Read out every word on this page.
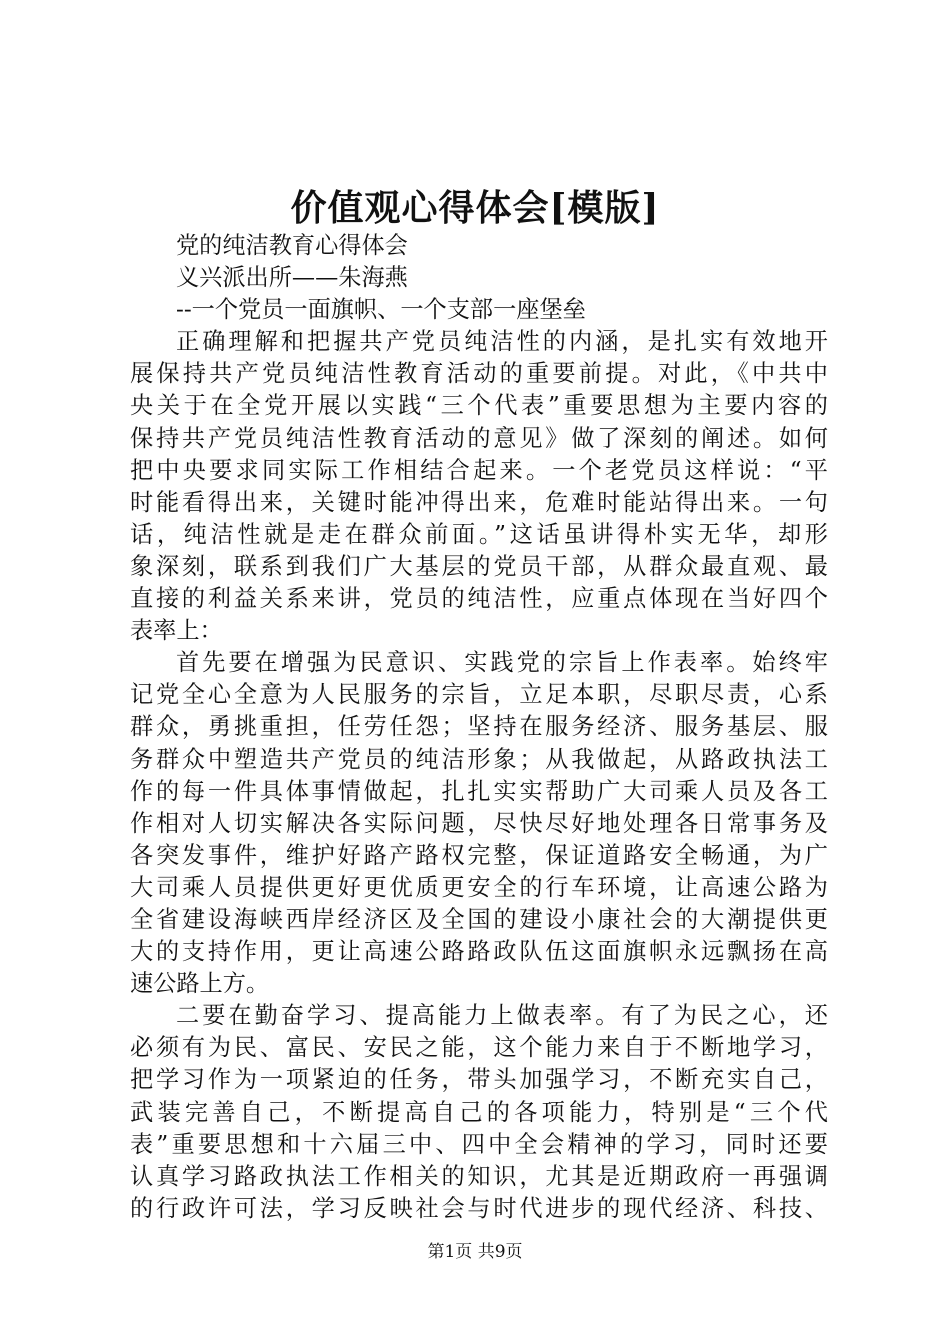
价值观心得体会[模版]
党的纯洁教育心得体会
义兴派出所——朱海燕
--一个党员一面旗帜、一个支部一座堡垒
正确理解和把握共产党员纯洁性的内涵，是扎实有效地开
展保持共产党员纯洁性教育活动的重要前提。对此，《中共中
央关于在全党开展以实践“三个代表”重要思想为主要内容的
保持共产党员纯洁性教育活动的意见》做了深刻的阐述。如何
把中央要求同实际工作相结合起来。一个老党员这样说：“平
时能看得出来，关键时能冲得出来，危难时能站得出来。一句
话，纯洁性就是走在群众前面。”这话虽讲得朴实无华，却形
象深刻，联系到我们广大基层的党员干部，从群众最直观、最
直接的利益关系来讲，党员的纯洁性，应重点体现在当好四个
表率上：
首先要在增强为民意识、实践党的宗旨上作表率。始终牢
记党全心全意为人民服务的宗旨，立足本职，尽职尽责，心系
群众，勇挑重担，任劳任怨；坚持在服务经济、服务基层、服
务群众中塑造共产党员的纯洁形象；从我做起，从路政执法工
作的每一件具体事情做起，扎扎实实帮助广大司乘人员及各工
作相对人切实解决各实际问题，尽快尽好地处理各日常事务及
各突发事件，维护好路产路权完整，保证道路安全畅通，为广
大司乘人员提供更好更优质更安全的行车环境，让高速公路为
全省建设海峡西岸经济区及全国的建设小康社会的大潮提供更
大的支持作用，更让高速公路路政队伍这面旗帜永远飘扬在高
速公路上方。
二要在勤奋学习、提高能力上做表率。有了为民之心，还
必须有为民、富民、安民之能，这个能力来自于不断地学习，
把学习作为一项紧迫的任务，带头加强学习，不断充实自己，
武装完善自己，不断提高自己的各项能力，特别是“三个代
表”重要思想和十六届三中、四中全会精神的学习，同时还要
认真学习路政执法工作相关的知识，尤其是近期政府一再强调
的行政许可法，学习反映社会与时代进步的现代经济、科技、
第1页 共9页
